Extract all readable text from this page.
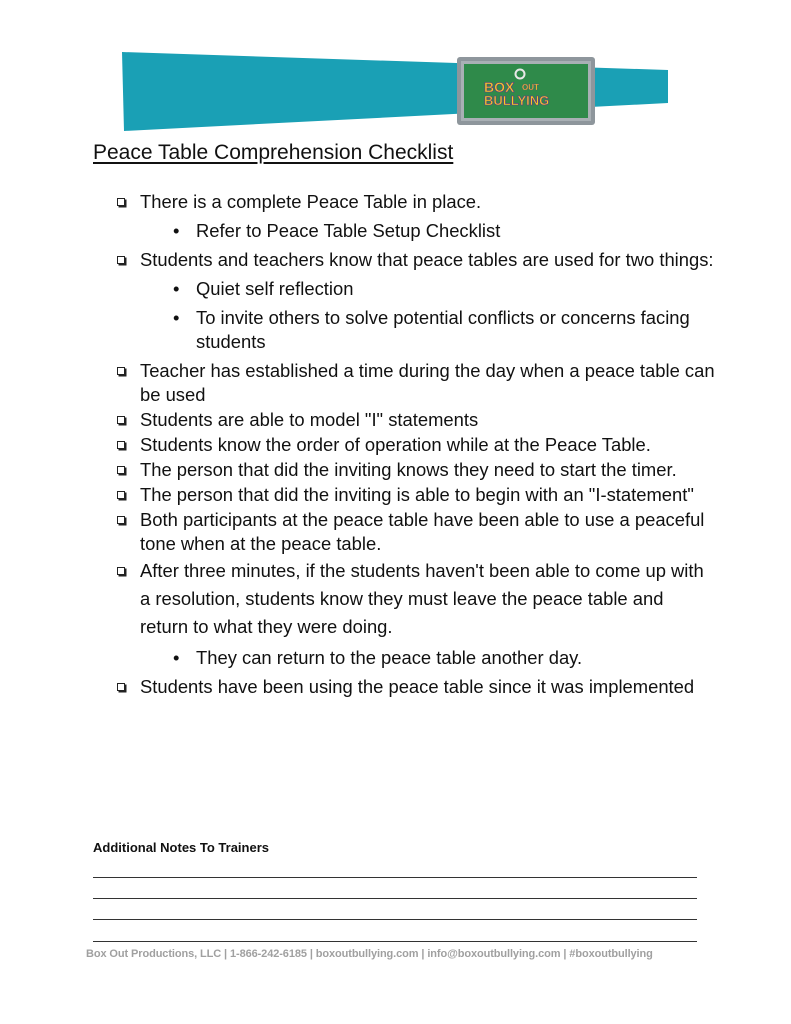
BOX OUT
BULLYING
Peace Table Comprehension Checklist
There is a complete Peace Table in place.
• Refer to Peace Table Setup Checklist
Students and teachers know that peace tables are used for two things:
• Quiet self reflection
• To invite others to solve potential conflicts or concerns facing students
Teacher has established a time during the day when a peace table can be used
Students are able to model "I" statements
Students know the order of operation while at the Peace Table.
The person that did the inviting knows they need to start the timer.
The person that did the inviting is able to begin with an "I-statement"
Both participants at the peace table have been able to use a peaceful tone when at the peace table.
After three minutes, if the students haven't been able to come up with a resolution, students know they must leave the peace table and return to what they were doing.
• They can return to the peace table another day.
Students have been using the peace table since it was implemented

Additional Notes To Trainers

Box Out Productions, LLC | 1-866-242-6185 | boxoutbullying.com | info@boxoutbullying.com | #boxoutbullying
